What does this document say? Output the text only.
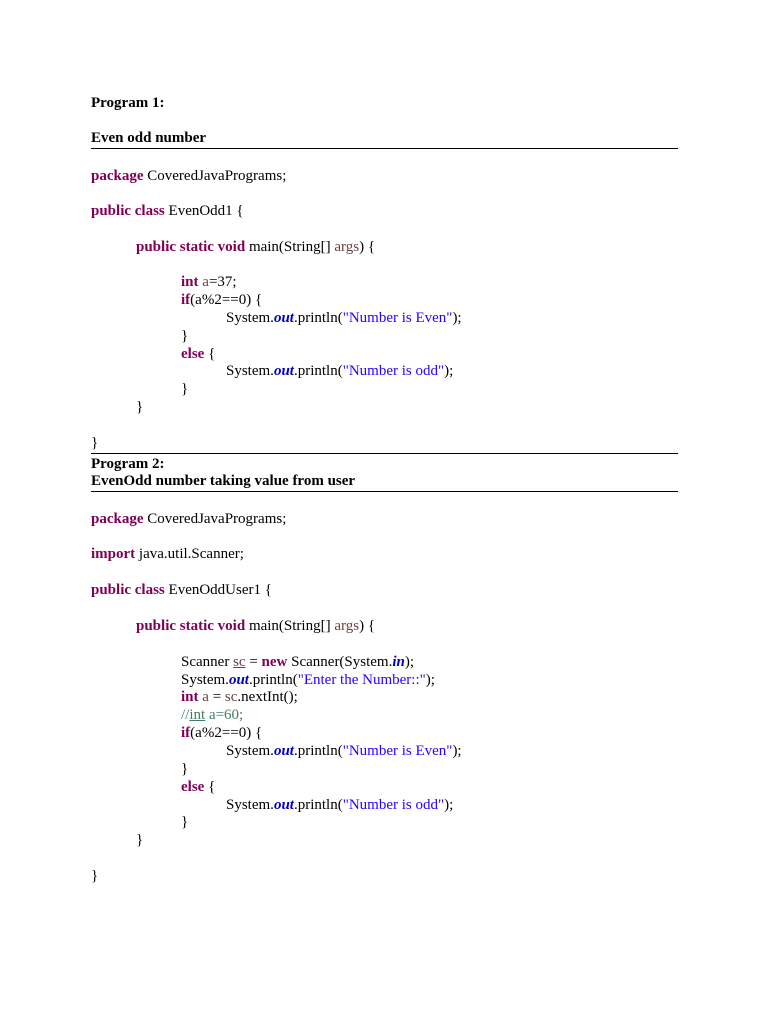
Program 1:
Even odd number
package CoveredJavaPrograms;
public class EvenOdd1 {
public static void main(String[] args) {
int a=37;
if(a%2==0) {
System.out.println("Number is Even");
}
else {
System.out.println("Number is odd");
}
}
}
Program 2:
EvenOdd number taking value from user
package CoveredJavaPrograms;
import java.util.Scanner;
public class EvenOddUser1 {
public static void main(String[] args) {
Scanner sc = new Scanner(System.in);
System.out.println("Enter the Number::");
int a = sc.nextInt();
//int a=60;
if(a%2==0) {
System.out.println("Number is Even");
}
else {
System.out.println("Number is odd");
}
}
}
